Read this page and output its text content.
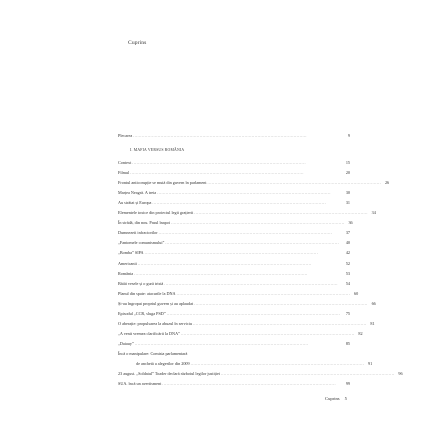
Cuprins
Plecarea ........................................................................................................................	9
I. MAFIA VERSUS ROMÂNIA
Context ........................................................................................................................	15
Filmul ........................................................................................................................	20
Frontul anticorupție se mută din guvern în parlament ........................................................................................................................ 26
Marțea Neagră. A treia ........................................................................................................................	30
Au strătat și Europa ........................................................................................................................	31
Elementele toxice din proiectul legii grațierii ........................................................................................................................ 34
În strădă, din nou. Pasul înapoi ........................................................................................................................ 36
Dumnezeii infractorilor ........................................................................................................................	37
„Fantomele comunismului” ........................................................................................................................	40
„Bomba” SIPA ........................................................................................................................	42
Americanii ........................................................................................................................	52
România ........................................................................................................................	53
Bătăi vesele și o gură tristă ........................................................................................................................	54
Planul din spate: atacurile la DNA ........................................................................................................................ 60
Și-au îngropat propriul guvern și au aplaudat ........................................................................................................................ 66
Episodul „CCR, sluga PSD” ........................................................................................................................	75
O aberație: propulsarea la abuzul în serviciu ........................................................................................................................ 81
„A venit vremea clarificării la DNA” ........................................................................................................................ 82
„Daiauy” ........................................................................................................................	85
Încă o manipulare: Comisia parlamentară
de anchetă a alegerilor din 2009 ........................................................................................................................ 91
23 august. „Soldatul” Toader declară războiul legilor justiției ........................................................................................................................ 96
SUA. încă un avertisment ........................................................................................................................	99
Cuprins 5
